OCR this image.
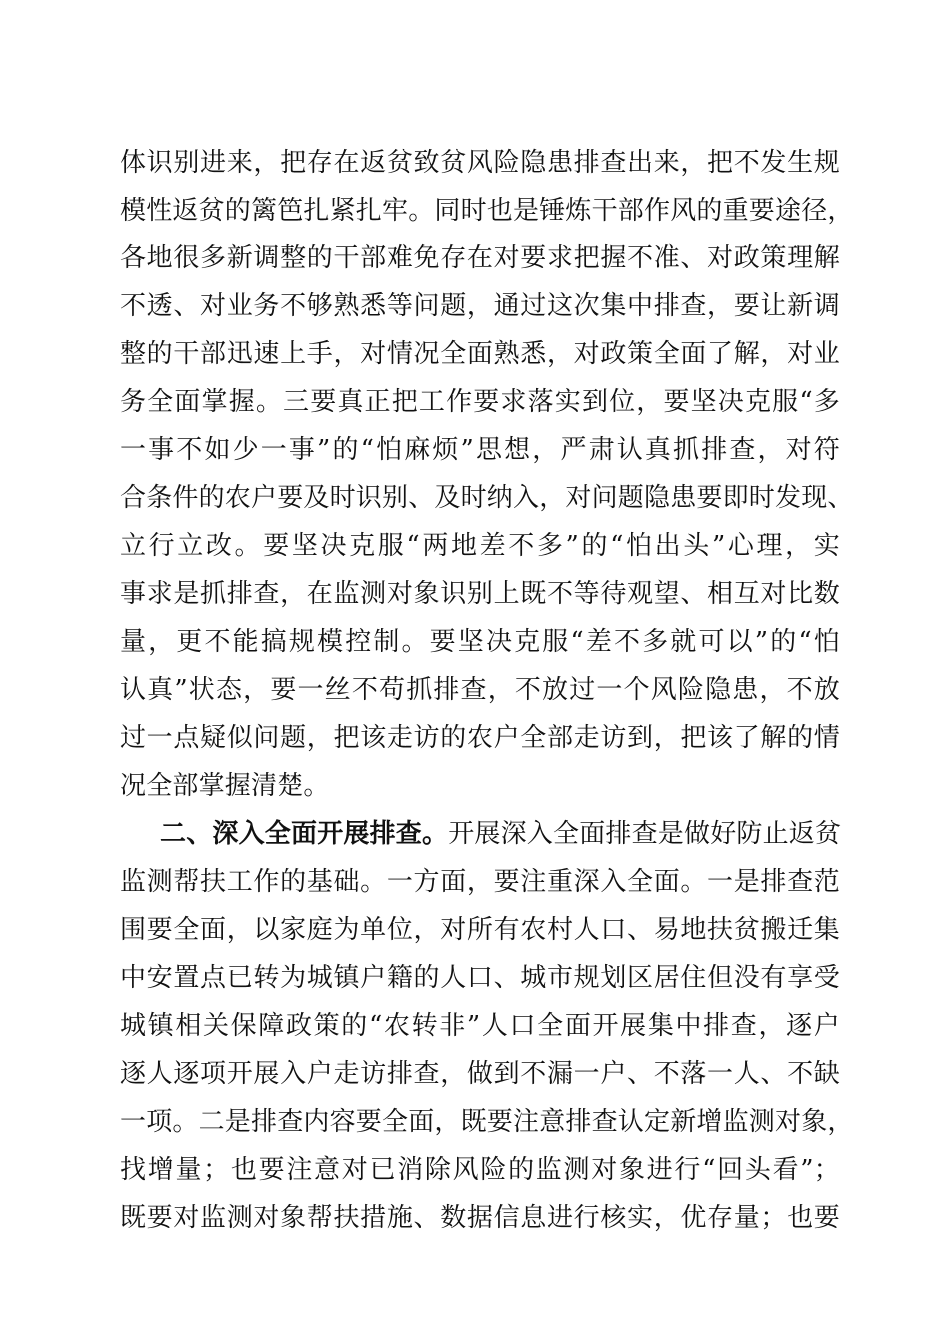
体识别进来，把存在返贫致贫风险隐患排查出来，把不发生规
模性返贫的篱笆扎紧扎牢。同时也是锤炼干部作风的重要途径，
各地很多新调整的干部难免存在对要求把握不准、对政策理解
不透、对业务不够熟悉等问题，通过这次集中排查，要让新调
整的干部迅速上手，对情况全面熟悉，对政策全面了解，对业
务全面掌握。三要真正把工作要求落实到位，要坚决克服“多
一事不如少一事”的“怕麻烦”思想，严肃认真抓排查，对符
合条件的农户要及时识别、及时纳入，对问题隐患要即时发现、
立行立改。要坚决克服“两地差不多”的“怕出头”心理，实
事求是抓排查，在监测对象识别上既不等待观望、相互对比数
量，更不能搞规模控制。要坚决克服“差不多就可以”的“怕
认真”状态，要一丝不苟抓排查，不放过一个风险隐患，不放
过一点疑似问题，把该走访的农户全部走访到，把该了解的情
况全部掌握清楚。
二、深入全面开展排查。开展深入全面排查是做好防止返贫
监测帮扶工作的基础。一方面，要注重深入全面。一是排查范
围要全面，以家庭为单位，对所有农村人口、易地扶贫搬迁集
中安置点已转为城镇户籍的人口、城市规划区居住但没有享受
城镇相关保障政策的“农转非”人口全面开展集中排查，逐户
逐人逐项开展入户走访排查，做到不漏一户、不落一人、不缺
一项。二是排查内容要全面，既要注意排查认定新增监测对象，
找增量；也要注意对已消除风险的监测对象进行“回头看”；
既要对监测对象帮扶措施、数据信息进行核实，优存量；也要
